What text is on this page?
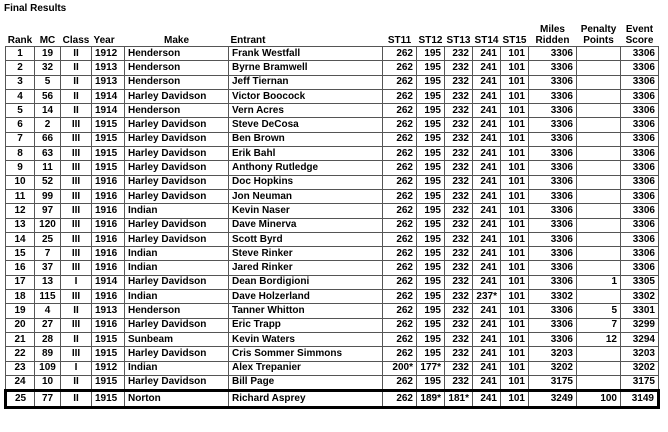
Final Results
Rank	MC	Class	Year	Make	Entrant	ST11	ST12	ST13	ST14	ST15	Miles Ridden	Penalty Points	Event Score
1	19	II	1912	Henderson	Frank Westfall	262	195	232	241	101	3306		3306
2	32	II	1913	Henderson	Byrne Bramwell	262	195	232	241	101	3306		3306
3	5	II	1913	Henderson	Jeff Tiernan	262	195	232	241	101	3306		3306
4	56	II	1914	Harley Davidson	Victor Boocock	262	195	232	241	101	3306		3306
5	14	II	1914	Henderson	Vern Acres	262	195	232	241	101	3306		3306
6	2	III	1915	Harley Davidson	Steve DeCosa	262	195	232	241	101	3306		3306
7	66	III	1915	Harley Davidson	Ben Brown	262	195	232	241	101	3306		3306
8	63	III	1915	Harley Davidson	Erik Bahl	262	195	232	241	101	3306		3306
9	11	III	1915	Harley Davidson	Anthony Rutledge	262	195	232	241	101	3306		3306
10	52	III	1916	Harley Davidson	Doc Hopkins	262	195	232	241	101	3306		3306
11	99	III	1916	Harley Davidson	Jon Neuman	262	195	232	241	101	3306		3306
12	97	III	1916	Indian	Kevin Naser	262	195	232	241	101	3306		3306
13	120	III	1916	Harley Davidson	Dave Minerva	262	195	232	241	101	3306		3306
14	25	III	1916	Harley Davidson	Scott Byrd	262	195	232	241	101	3306		3306
15	7	III	1916	Indian	Steve Rinker	262	195	232	241	101	3306		3306
16	37	III	1916	Indian	Jared Rinker	262	195	232	241	101	3306		3306
17	13	I	1914	Harley Davidson	Dean Bordigioni	262	195	232	241	101	3306	1	3305
18	115	III	1916	Indian	Dave Holzerland	262	195	232	237*	101	3302		3302
19	4	II	1913	Henderson	Tanner Whitton	262	195	232	241	101	3306	5	3301
20	27	III	1916	Harley Davidson	Eric Trapp	262	195	232	241	101	3306	7	3299
21	28	II	1915	Sunbeam	Kevin Waters	262	195	232	241	101	3306	12	3294
22	89	III	1915	Harley Davidson	Cris Sommer Simmons	262	195	232	241	101	3203		3203
23	109	I	1912	Indian	Alex Trepanier	200*	177*	232	241	101	3202		3202
24	10	II	1915	Harley Davidson	Bill Page	262	195	232	241	101	3175		3175
25	77	II	1915	Norton	Richard Asprey	262	189*	181*	241	101	3249	100	3149
